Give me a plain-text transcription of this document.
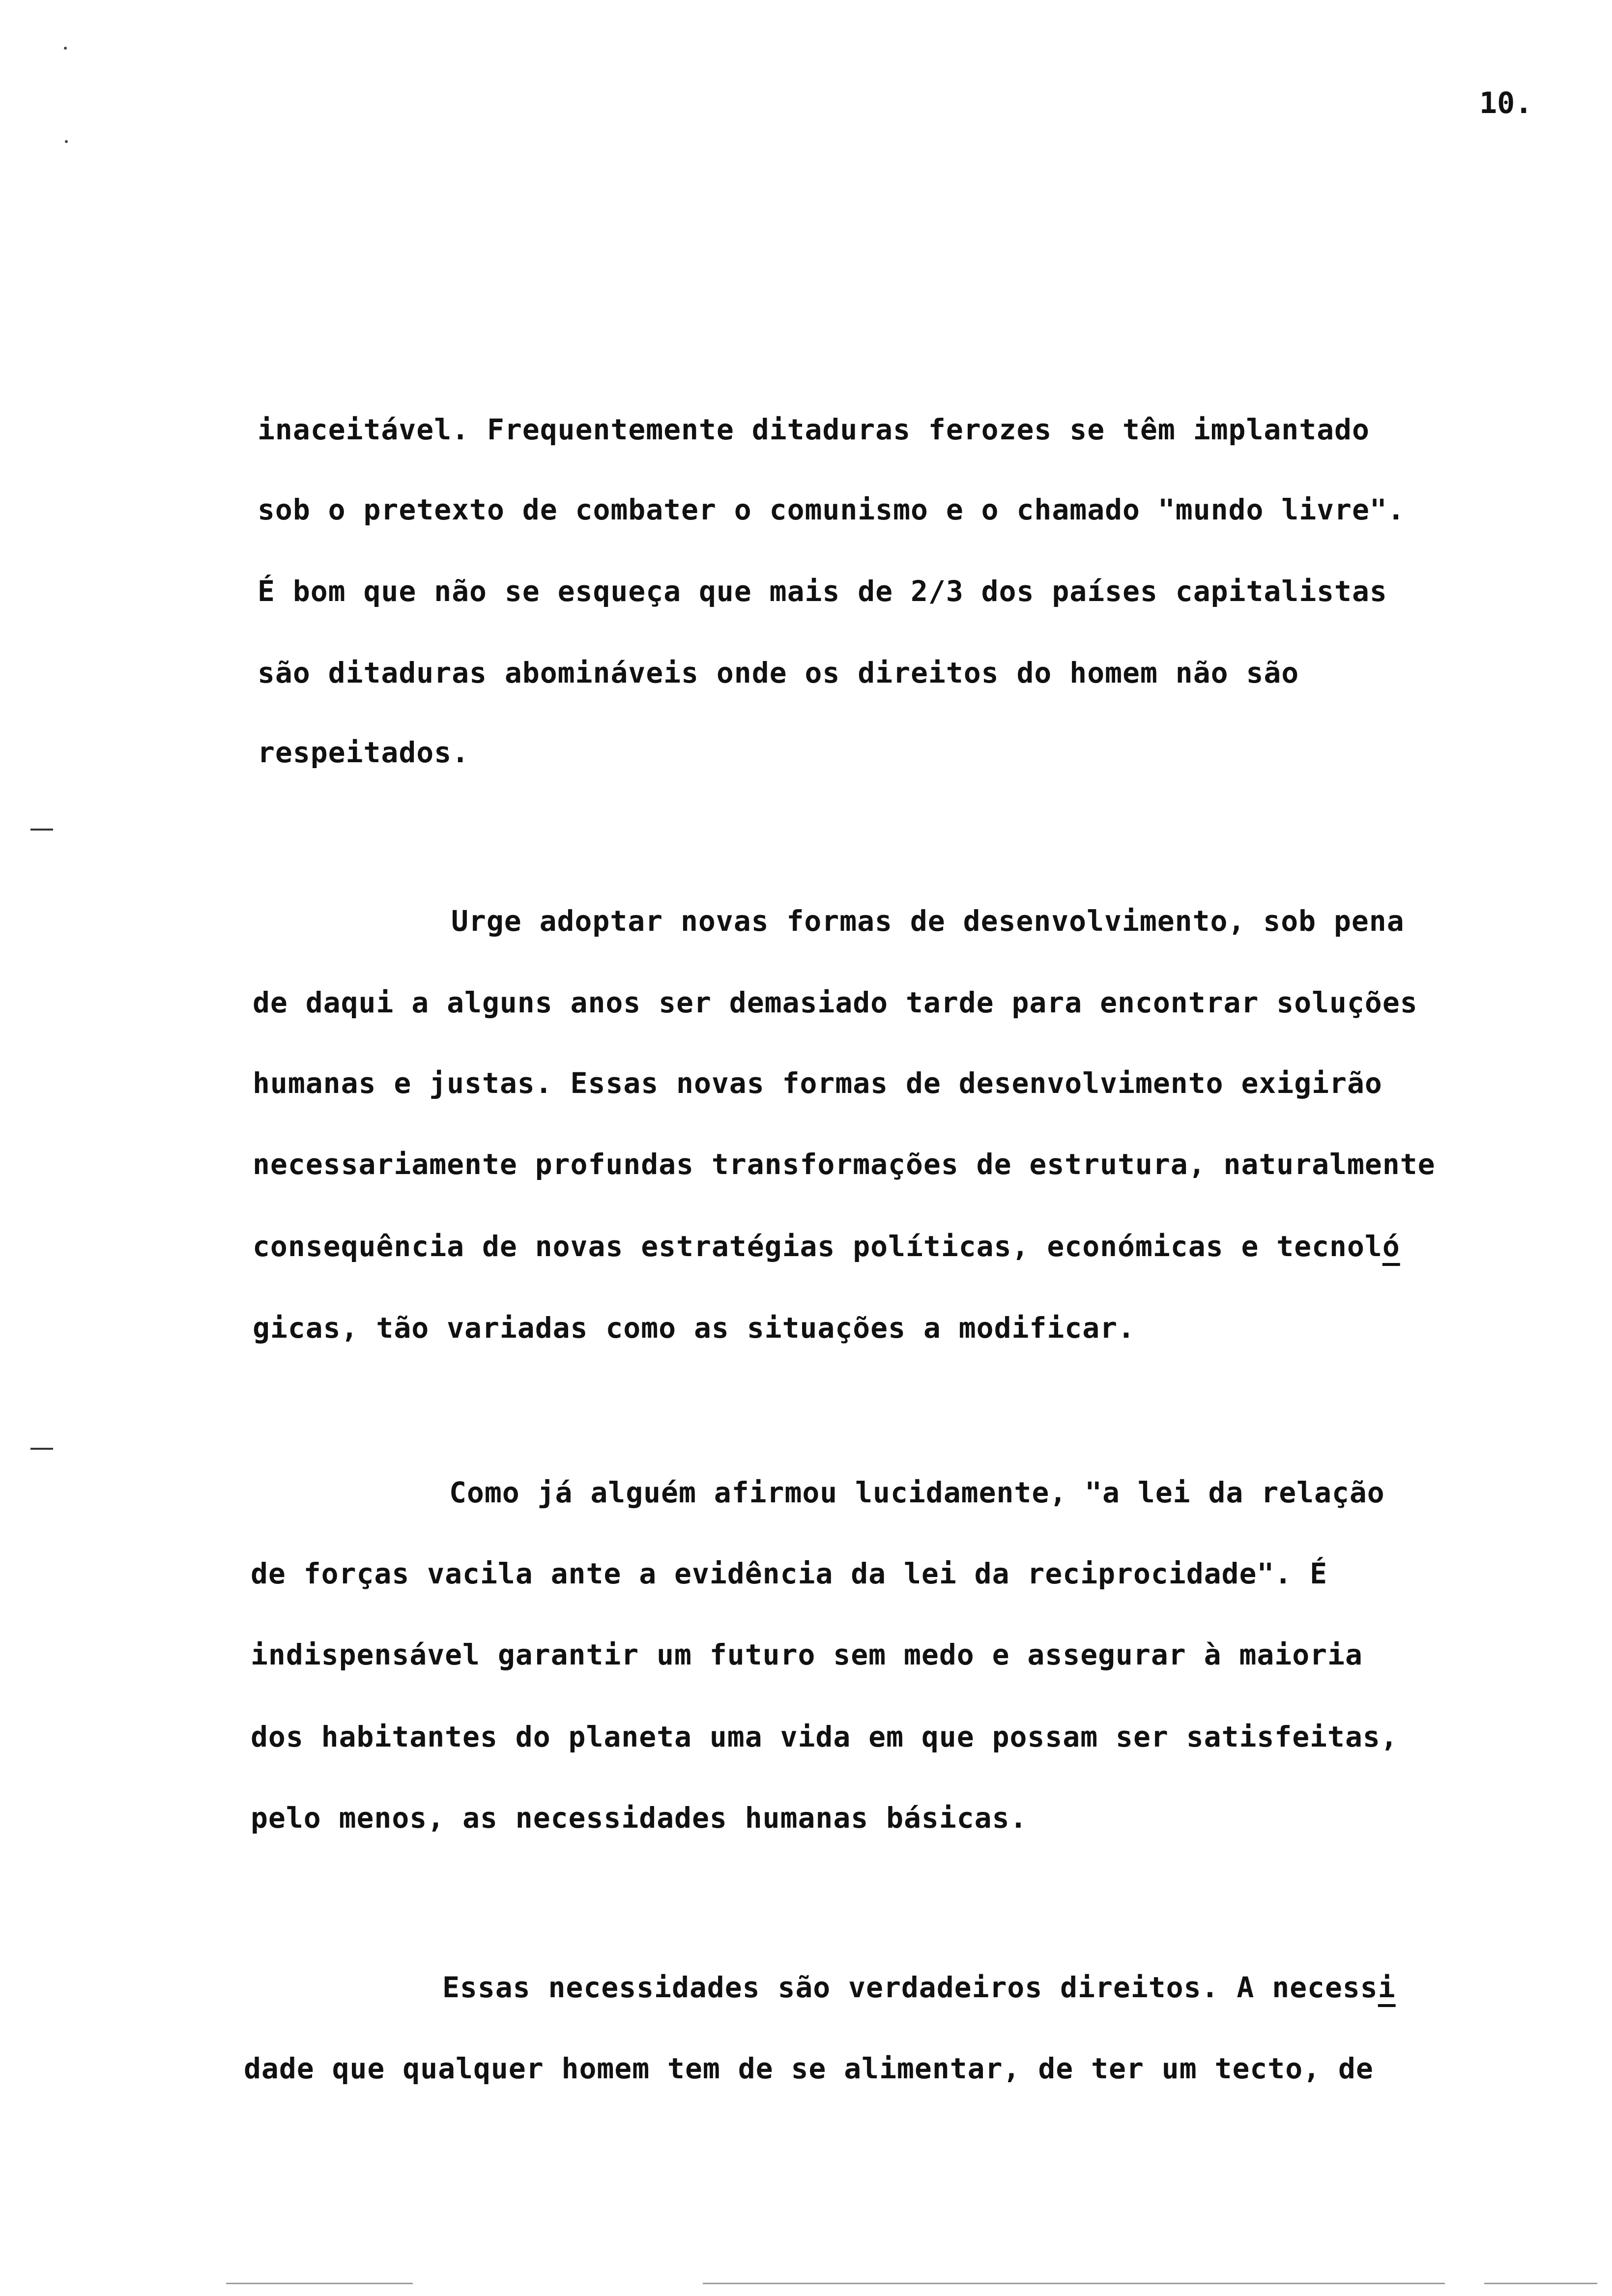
10.
inaceitável. Frequentemente ditaduras ferozes se têm implantado
sob o pretexto de combater o comunismo e o chamado "mundo livre".
É bom que não se esqueça que mais de 2/3 dos países capitalistas
são ditaduras abomináveis onde os direitos do homem não são
respeitados.
Urge adoptar novas formas de desenvolvimento, sob pena
de daqui a alguns anos ser demasiado tarde para encontrar soluções
humanas e justas. Essas novas formas de desenvolvimento exigirão
necessariamente profundas transformações de estrutura, naturalmente
consequência de novas estratégias políticas, económicas e tecnoló
gicas, tão variadas como as situações a modificar.
Como já alguém afirmou lucidamente, "a lei da relação
de forças vacila ante a evidência da lei da reciprocidade". É
indispensável garantir um futuro sem medo e assegurar à maioria
dos habitantes do planeta uma vida em que possam ser satisfeitas,
pelo menos, as necessidades humanas básicas.
Essas necessidades são verdadeiros direitos. A necessi
dade que qualquer homem tem de se alimentar, de ter um tecto, de
